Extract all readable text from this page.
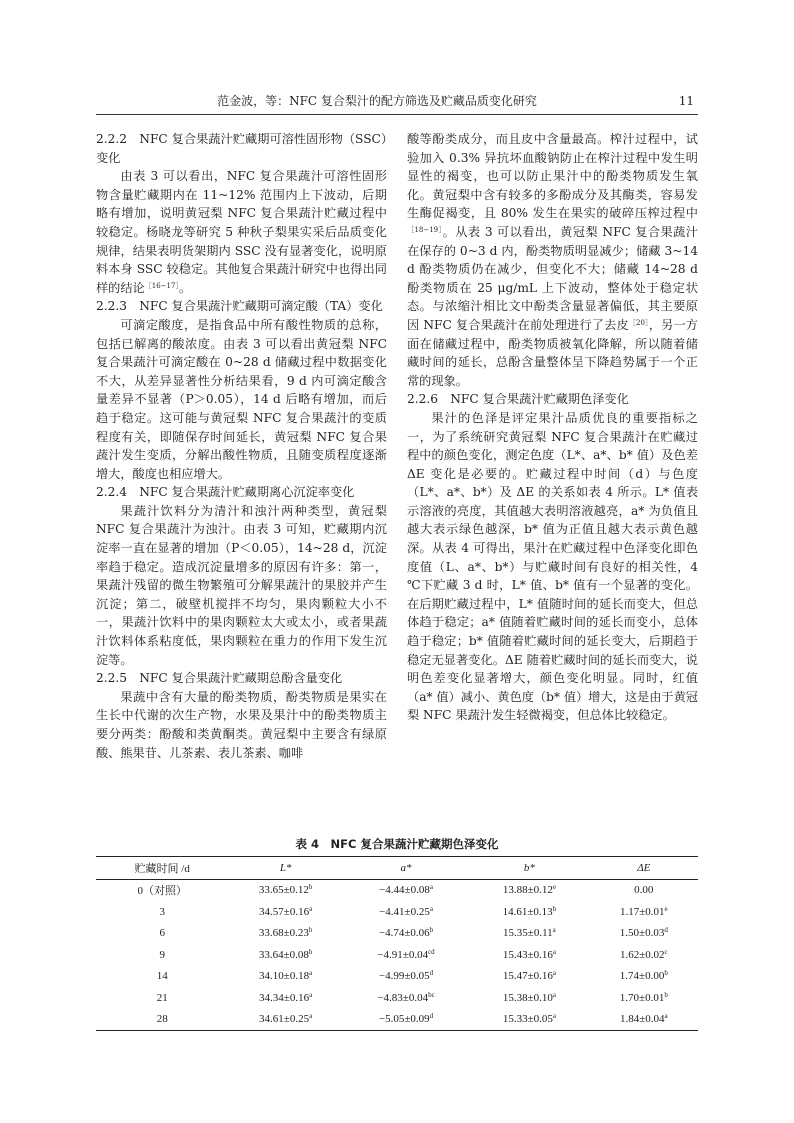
范金波，等：NFC 复合梨汁的配方筛选及贮藏品质变化研究	11

2.2.2　NFC 复合果蔬汁贮藏期可溶性固形物（SSC）变化

由表 3 可以看出，NFC 复合果蔬汁可溶性固形物含量贮藏期内在 11~12% 范围内上下波动，后期略有增加，说明黄冠梨 NFC 复合果蔬汁贮藏过程中较稳定。杨晓龙等研究 5 种秋子梨果实采后品质变化规律，结果表明货架期内 SSC 没有显著变化，说明原料本身 SSC 较稳定。其他复合果蔬汁研究中也得出同样的结论$^{[16-17]}$。

2.2.3　NFC 复合果蔬汁贮藏期可滴定酸（TA）变化

可滴定酸度，是指食品中所有酸性物质的总称，包括已解离的酸浓度。由表 3 可以看出黄冠梨 NFC 复合果蔬汁可滴定酸在 0~28 d 储藏过程中数据变化不大，从差异显著性分析结果看，9 d 内可滴定酸含量差异不显著（P＞0.05），14 d 后略有增加，而后趋于稳定。这可能与黄冠梨 NFC 复合果蔬汁的变质程度有关，即随保存时间延长，黄冠梨 NFC 复合果蔬汁发生变质，分解出酸性物质，且随变质程度逐渐增大，酸度也相应增大。

2.2.4　NFC 复合果蔬汁贮藏期离心沉淀率变化

果蔬汁饮料分为清汁和浊汁两种类型，黄冠梨 NFC 复合果蔬汁为浊汁。由表 3 可知，贮藏期内沉淀率一直在显著的增加（P＜0.05），14~28 d，沉淀率趋于稳定。造成沉淀量增多的原因有许多：第一，果蔬汁残留的微生物繁殖可分解果蔬汁的果胶并产生沉淀；第二，破壁机搅拌不均匀，果肉颗粒大小不一，果蔬汁饮料中的果肉颗粒太大或太小，或者果蔬汁饮料体系粘度低，果肉颗粒在重力的作用下发生沉淀等。

2.2.5　NFC 复合果蔬汁贮藏期总酚含量变化

果蔬中含有大量的酚类物质，酚类物质是果实在生长中代谢的次生产物，水果及果汁中的酚类物质主要分两类：酚酸和类黄酮类。黄冠梨中主要含有绿原酸、熊果苷、儿茶素、表儿茶素、咖啡

酸等酚类成分，而且皮中含量最高。榨汁过程中，试验加入 0.3% 异抗坏血酸钠防止在榨汁过程中发生明显性的褐变，也可以防止果汁中的酚类物质发生氧化。黄冠梨中含有较多的多酚成分及其酶类，容易发生酶促褐变，且 80% 发生在果实的破碎压榨过程中$^{[18-19]}$。从表 3 可以看出，黄冠梨 NFC 复合果蔬汁在保存的 0~3 d 内，酚类物质明显减少；储藏 3~14 d 酚类物质仍在减少，但变化不大；储藏 14~28 d 酚类物质在 25 μg/mL 上下波动，整体处于稳定状态。与浓缩汁相比文中酚类含量显著偏低，其主要原因 NFC 复合果蔬汁在前处理进行了去皮$^{[20]}$，另一方面在储藏过程中，酚类物质被氧化降解，所以随着储藏时间的延长，总酚含量整体呈下降趋势属于一个正常的现象。

2.2.6　NFC 复合果蔬汁贮藏期色泽变化

果汁的色泽是评定果汁品质优良的重要指标之一，为了系统研究黄冠梨 NFC 复合果蔬汁在贮藏过程中的颜色变化，测定色度（L*、a*、b* 值）及色差 ΔE 变化是必要的。贮藏过程中时间（d）与色度（L*、a*、b*）及 ΔE 的关系如表 4 所示。L* 值表示溶液的亮度，其值越大表明溶液越亮，a* 为负值且越大表示绿色越深，b* 值为正值且越大表示黄色越深。从表 4 可得出，果汁在贮藏过程中色泽变化即色度值（L、a*、b*）与贮藏时间有良好的相关性，4 ℃下贮藏 3 d 时，L* 值、b* 值有一个显著的变化。在后期贮藏过程中，L* 值随时间的延长而变大，但总体趋于稳定；a* 值随着贮藏时间的延长而变小，总体趋于稳定；b* 值随着贮藏时间的延长变大，后期趋于稳定无显著变化。ΔE 随着贮藏时间的延长而变大，说明色差变化显著增大，颜色变化明显。同时，红值（a* 值）减小、黄色度（b* 值）增大，这是由于黄冠梨 NFC 果蔬汁发生轻微褐变，但总体比较稳定。

表 4　NFC 复合果蔬汁贮藏期色泽变化
贮藏时间 /d	L*	a*	b*	ΔE
0（对照）	33.65±0.12$^b$	−4.44±0.08$^a$	13.88±0.12$^e$	0.00
3	34.57±0.16$^a$	−4.41±0.25$^a$	14.61±0.13$^b$	1.17±0.01$^e$
6	33.68±0.23$^b$	−4.74±0.06$^b$	15.35±0.11$^a$	1.50±0.03$^d$
9	33.64±0.08$^b$	−4.91±0.04$^{cd}$	15.43±0.16$^a$	1.62±0.02$^c$
14	34.10±0.18$^a$	−4.99±0.05$^d$	15.47±0.16$^a$	1.74±0.00$^b$
21	34.34±0.16$^a$	−4.83±0.04$^{bc}$	15.38±0.10$^a$	1.70±0.01$^b$
28	34.61±0.25$^a$	−5.05±0.09$^d$	15.33±0.05$^a$	1.84±0.04$^a$
